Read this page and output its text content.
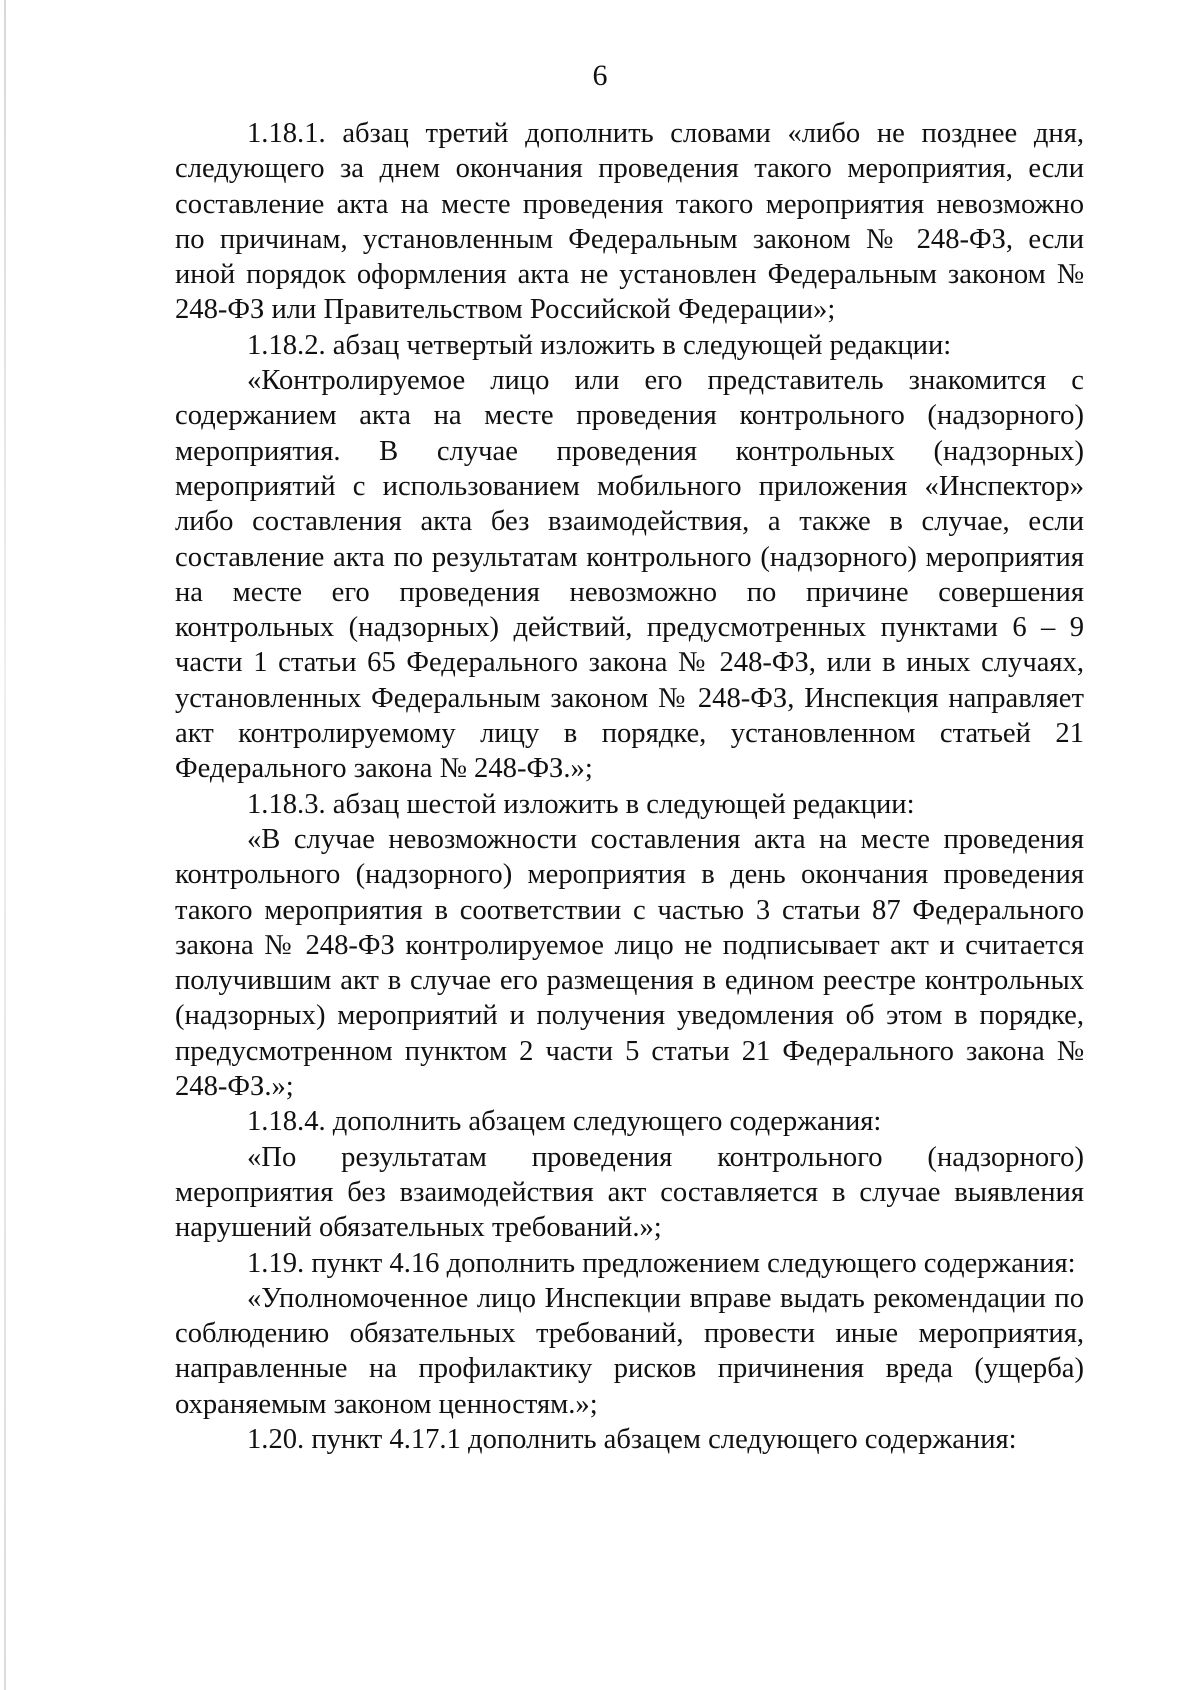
6

1.18.1. абзац третий дополнить словами «либо не позднее дня, следующего за днем окончания проведения такого мероприятия, если составление акта на месте проведения такого мероприятия невозможно по причинам, установленным Федеральным законом № 248-ФЗ, если иной порядок оформления акта не установлен Федеральным законом № 248-ФЗ или Правительством Российской Федерации»;

1.18.2. абзац четвертый изложить в следующей редакции:

«Контролируемое лицо или его представитель знакомится с содержанием акта на месте проведения контрольного (надзорного) мероприятия. В случае проведения контрольных (надзорных) мероприятий с использованием мобильного приложения «Инспектор» либо составления акта без взаимодействия, а также в случае, если составление акта по результатам контрольного (надзорного) мероприятия на месте его проведения невозможно по причине совершения контрольных (надзорных) действий, предусмотренных пунктами 6 – 9 части 1 статьи 65 Федерального закона № 248-ФЗ, или в иных случаях, установленных Федеральным законом № 248-ФЗ, Инспекция направляет акт контролируемому лицу в порядке, установленном статьей 21 Федерального закона № 248-ФЗ.»;

1.18.3. абзац шестой изложить в следующей редакции:

«В случае невозможности составления акта на месте проведения контрольного (надзорного) мероприятия в день окончания проведения такого мероприятия в соответствии с частью 3 статьи 87 Федерального закона № 248-ФЗ контролируемое лицо не подписывает акт и считается получившим акт в случае его размещения в едином реестре контрольных (надзорных) мероприятий и получения уведомления об этом в порядке, предусмотренном пунктом 2 части 5 статьи 21 Федерального закона № 248-ФЗ.»;

1.18.4. дополнить абзацем следующего содержания:

«По результатам проведения контрольного (надзорного) мероприятия без взаимодействия акт составляется в случае выявления нарушений обязательных требований.»;

1.19. пункт 4.16 дополнить предложением следующего содержания:

«Уполномоченное лицо Инспекции вправе выдать рекомендации по соблюдению обязательных требований, провести иные мероприятия, направленные на профилактику рисков причинения вреда (ущерба) охраняемым законом ценностям.»;

1.20. пункт 4.17.1 дополнить абзацем следующего содержания:
